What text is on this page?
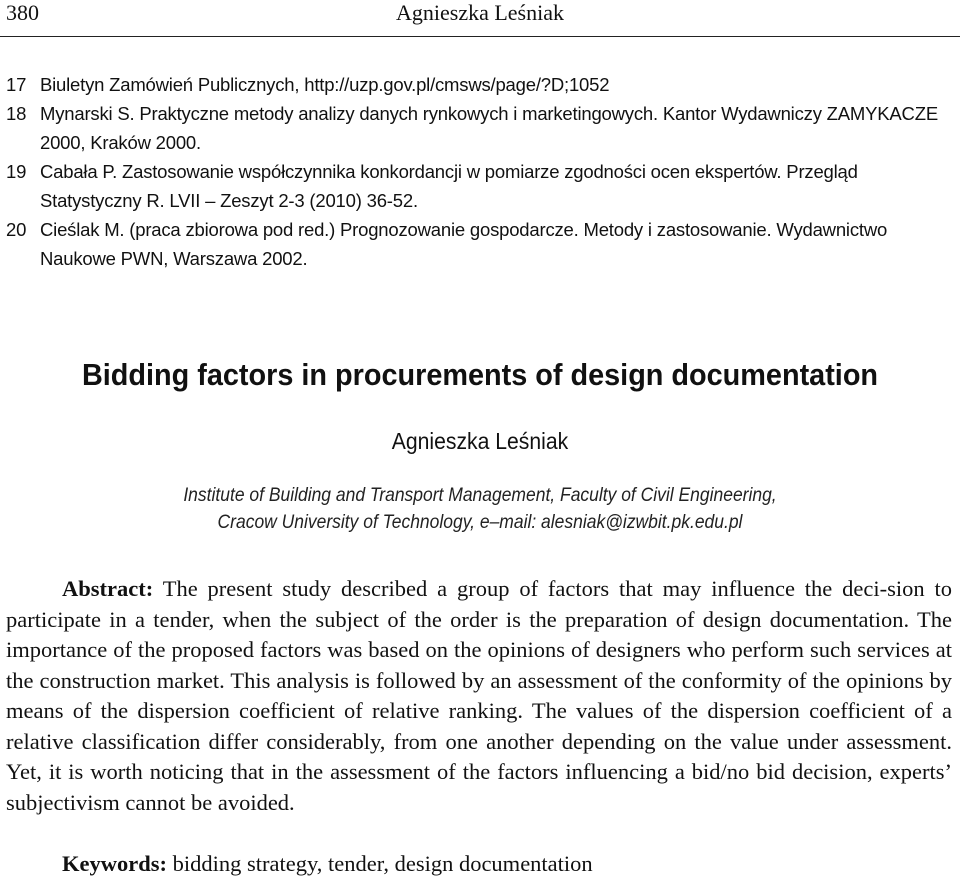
380	Agnieszka Leśniak
17 Biuletyn Zamówień Publicznych, http://uzp.gov.pl/cmsws/page/?D;1052
18 Mynarski S. Praktyczne metody analizy danych rynkowych i marketingowych. Kantor Wydawniczy ZAMYKACZE 2000, Kraków 2000.
19 Cabała P. Zastosowanie współczynnika konkordancji w pomiarze zgodności ocen ekspertów. Przegląd Statystyczny R. LVII – Zeszyt 2-3 (2010) 36-52.
20 Cieślak M. (praca zbiorowa pod red.) Prognozowanie gospodarcze. Metody i zastosowanie. Wydawnictwo Naukowe PWN, Warszawa 2002.
Bidding factors in procurements of design documentation
Agnieszka Leśniak
Institute of Building and Transport Management, Faculty of Civil Engineering,
Cracow University of Technology, e–mail: alesniak@izwbit.pk.edu.pl

Abstract: The present study described a group of factors that may influence the deci-sion to participate in a tender, when the subject of the order is the preparation of design documentation. The importance of the proposed factors was based on the opinions of designers who perform such services at the construction market. This analysis is followed by an assessment of the conformity of the opinions by means of the dispersion coefficient of relative ranking. The values of the dispersion coefficient of a relative classification differ considerably, from one another depending on the value under assessment. Yet, it is worth noticing that in the assessment of the factors influencing a bid/no bid decision, experts’ subjectivism cannot be avoided.

Keywords: bidding strategy, tender, design documentation
